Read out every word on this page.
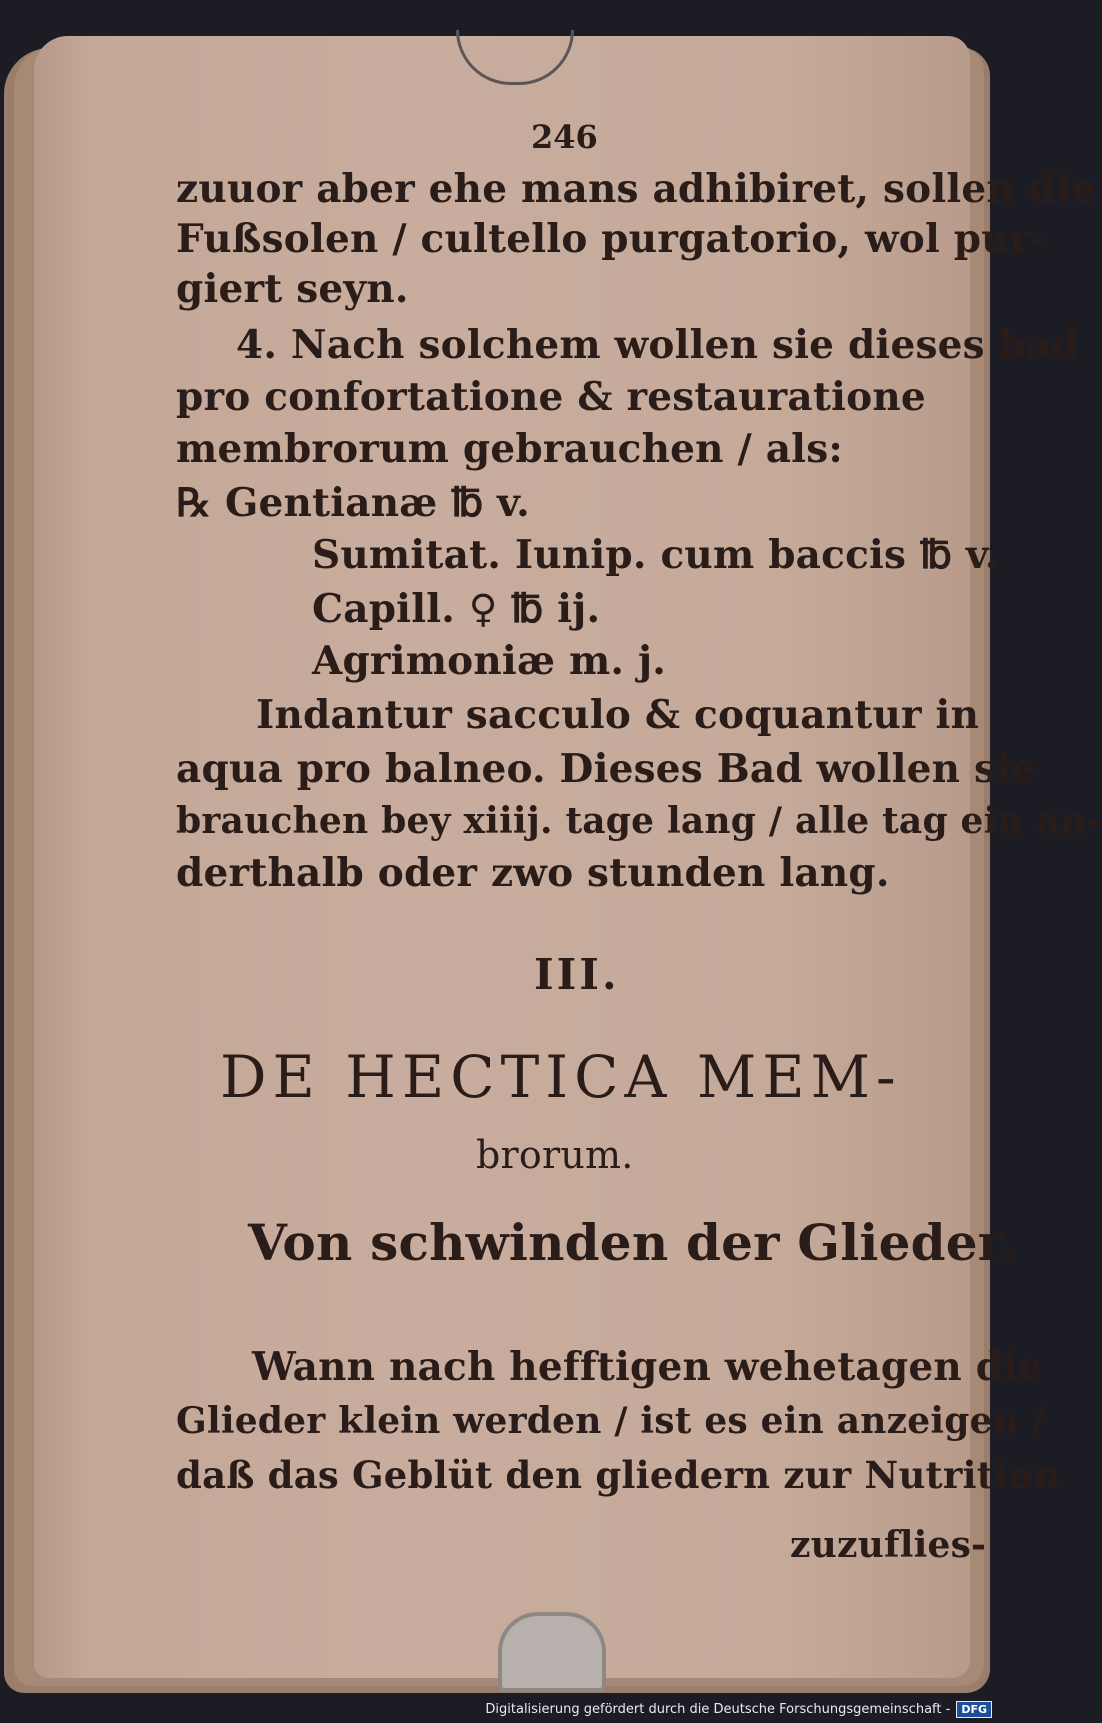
246
zuuor aber ehe mans adhibiret, sollen die
Fußsolen / cultello purgatorio, wol pur-
giert seyn.
4. Nach solchem wollen sie dieses bad
pro confortatione & restauratione
membrorum gebrauchen / als:
℞ Gentianæ ℔ v.
Sumitat. Iunip. cum baccis ℔ v.
Capill. ♀ ℔ ij.
Agrimoniæ m. j.
Indantur sacculo & coquantur in
aqua pro balneo. Dieses Bad wollen sie
brauchen bey xiiij. tage lang / alle tag ein an-
derthalb oder zwo stunden lang.
III.
DE HECTICA MEM-
brorum.
Von schwinden der Glieder.
Wann nach hefftigen wehetagen die
Glieder klein werden / ist es ein anzeigen /
daß das Geblüt den gliedern zur Nutrition
zuzuflies-
Digitalisierung gefördert durch die Deutsche Forschungsgemeinschaft -	DFG
